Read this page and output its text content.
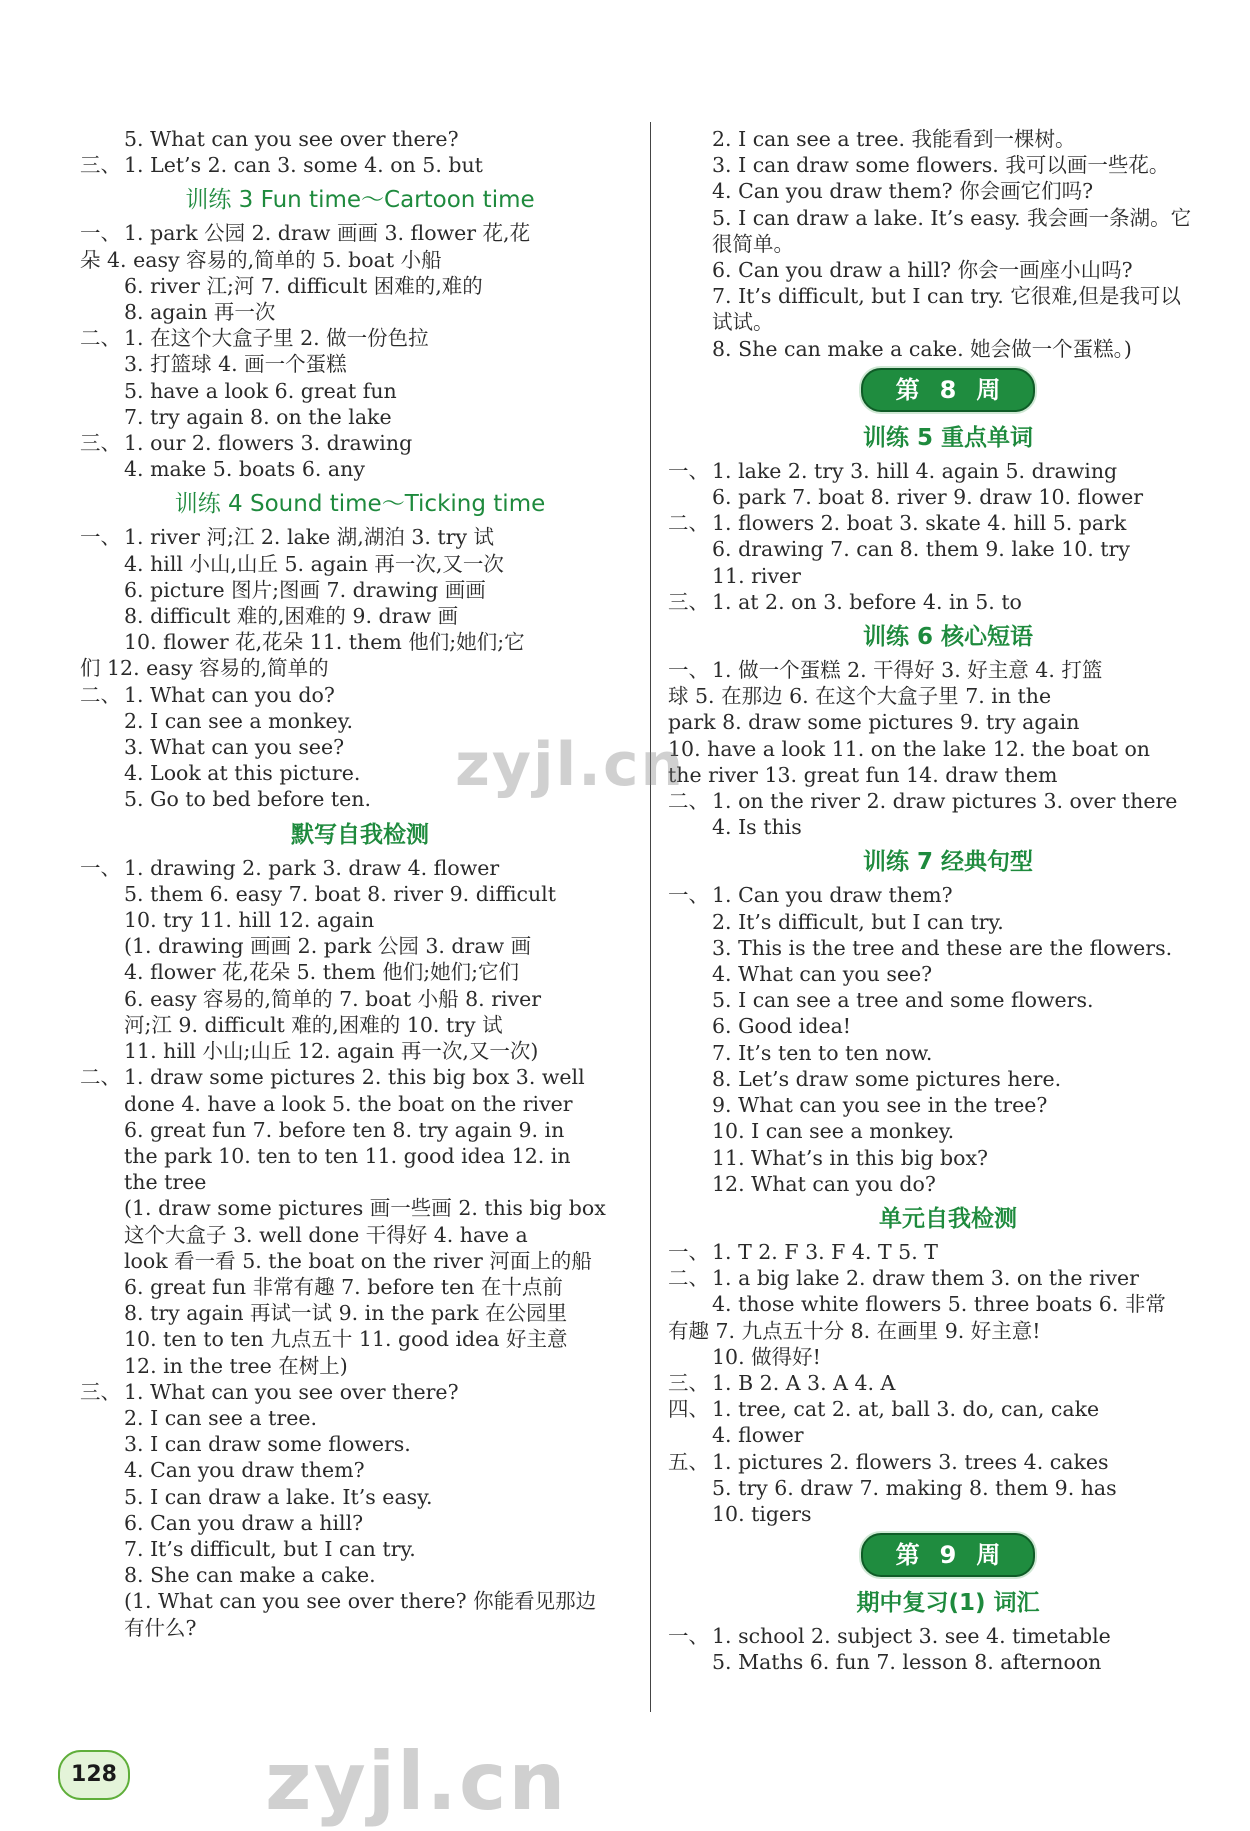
5. What can you see over there?
三、 1. Let’s 2. can 3. some 4. on 5. but
训练 3 Fun time～Cartoon time
一、 1. park 公园 2. draw 画画 3. flower 花,花
朵 4. easy 容易的,简单的 5. boat 小船
6. river 江;河 7. difficult 困难的,难的
8. again 再一次
二、 1. 在这个大盒子里 2. 做一份色拉
3. 打篮球 4. 画一个蛋糕
5. have a look 6. great fun
7. try again 8. on the lake
三、 1. our 2. flowers 3. drawing
4. make 5. boats 6. any
训练 4 Sound time～Ticking time
一、 1. river 河;江 2. lake 湖,湖泊 3. try 试
4. hill 小山,山丘 5. again 再一次,又一次
6. picture 图片;图画 7. drawing 画画
8. difficult 难的,困难的 9. draw 画
10. flower 花,花朵 11. them 他们;她们;它
们 12. easy 容易的,简单的
二、 1. What can you do?
2. I can see a monkey.
3. What can you see?
4. Look at this picture.
5. Go to bed before ten.
默写自我检测
一、 1. drawing 2. park 3. draw 4. flower
5. them 6. easy 7. boat 8. river 9. difficult
10. try 11. hill 12. again
(1. drawing 画画 2. park 公园 3. draw 画
4. flower 花,花朵 5. them 他们;她们;它们
6. easy 容易的,简单的 7. boat 小船 8. river
河;江 9. difficult 难的,困难的 10. try 试
11. hill 小山;山丘 12. again 再一次,又一次)
二、 1. draw some pictures 2. this big box 3. well
done 4. have a look 5. the boat on the river
6. great fun 7. before ten 8. try again 9. in
the park 10. ten to ten 11. good idea 12. in
the tree
(1. draw some pictures 画一些画 2. this big box
这个大盒子 3. well done 干得好 4. have a
look 看一看 5. the boat on the river 河面上的船
6. great fun 非常有趣 7. before ten 在十点前
8. try again 再试一试 9. in the park 在公园里
10. ten to ten 九点五十 11. good idea 好主意
12. in the tree 在树上)
三、 1. What can you see over there?
2. I can see a tree.
3. I can draw some flowers.
4. Can you draw them?
5. I can draw a lake. It’s easy.
6. Can you draw a hill?
7. It’s difficult, but I can try.
8. She can make a cake.
(1. What can you see over there? 你能看见那边
有什么?
2. I can see a tree. 我能看到一棵树。
3. I can draw some flowers. 我可以画一些花。
4. Can you draw them? 你会画它们吗?
5. I can draw a lake. It’s easy. 我会画一条湖。它
很简单。
6. Can you draw a hill? 你会一画座小山吗?
7. It’s difficult, but I can try. 它很难,但是我可以
试试。
8. She can make a cake. 她会做一个蛋糕。)
第 8 周
训练 5 重点单词
一、 1. lake 2. try 3. hill 4. again 5. drawing
6. park 7. boat 8. river 9. draw 10. flower
二、 1. flowers 2. boat 3. skate 4. hill 5. park
6. drawing 7. can 8. them 9. lake 10. try
11. river
三、 1. at 2. on 3. before 4. in 5. to
训练 6 核心短语
一、 1. 做一个蛋糕 2. 干得好 3. 好主意 4. 打篮
球 5. 在那边 6. 在这个大盒子里 7. in the
park 8. draw some pictures 9. try again
10. have a look 11. on the lake 12. the boat on
the river 13. great fun 14. draw them
二、 1. on the river 2. draw pictures 3. over there
4. Is this
训练 7 经典句型
一、 1. Can you draw them?
2. It’s difficult, but I can try.
3. This is the tree and these are the flowers.
4. What can you see?
5. I can see a tree and some flowers.
6. Good idea!
7. It’s ten to ten now.
8. Let’s draw some pictures here.
9. What can you see in the tree?
10. I can see a monkey.
11. What’s in this big box?
12. What can you do?
单元自我检测
一、 1. T 2. F 3. F 4. T 5. T
二、 1. a big lake 2. draw them 3. on the river
4. those white flowers 5. three boats 6. 非常
有趣 7. 九点五十分 8. 在画里 9. 好主意!
10. 做得好!
三、 1. B 2. A 3. A 4. A
四、 1. tree, cat 2. at, ball 3. do, can, cake
4. flower
五、 1. pictures 2. flowers 3. trees 4. cakes
5. try 6. draw 7. making 8. them 9. has
10. tigers
第 9 周
期中复习(1) 词汇
一、 1. school 2. subject 3. see 4. timetable
5. Maths 6. fun 7. lesson 8. afternoon
128
zyjl.cn
zyjl.cn
